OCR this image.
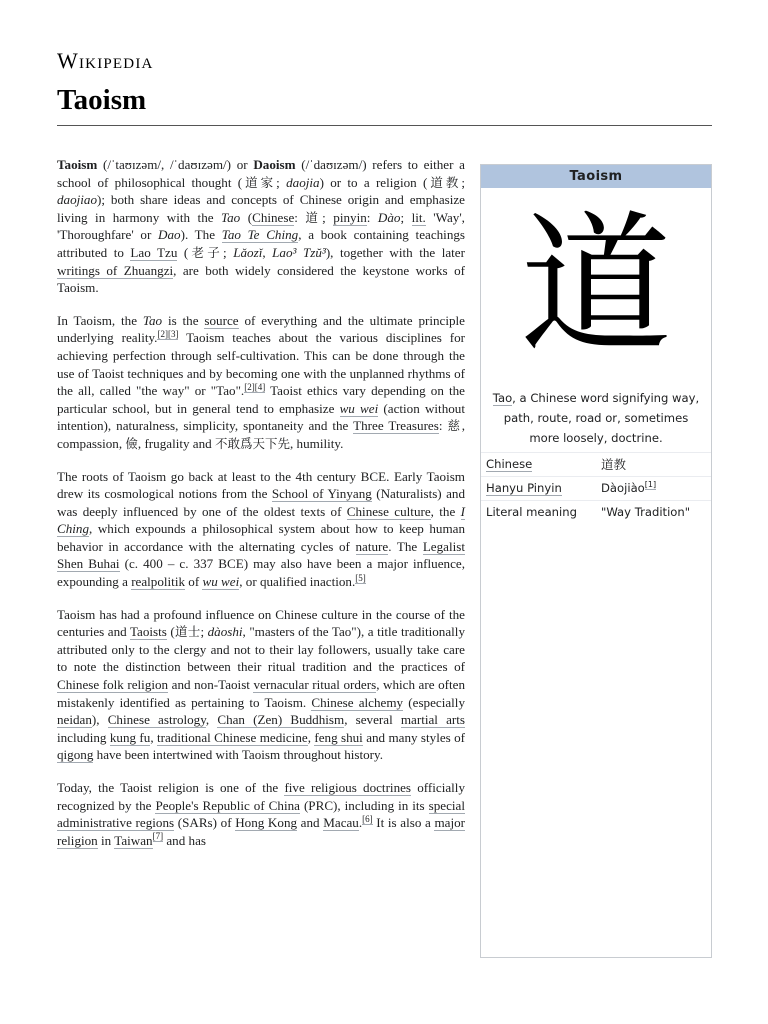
Wikipedia
Taoism

Taoism (/ˈtaʊɪzəm/, /ˈdaʊɪzəm/) or Daoism (/ˈdaʊɪzəm/) refers to either a school of philosophical thought (道家; daojia) or to a religion (道教; daojiao); both share ideas and concepts of Chinese origin and emphasize living in harmony with the Tao (Chinese: 道; pinyin: Dào; lit. 'Way', 'Thoroughfare' or Dao). The Tao Te Ching, a book containing teachings attributed to Lao Tzu (老子; Lǎozǐ, Lao³ Tzŭ³), together with the later writings of Zhuangzi, are both widely considered the keystone works of Taoism.

In Taoism, the Tao is the source of everything and the ultimate principle underlying reality.[2][3] Taoism teaches about the various disciplines for achieving perfection through self-cultivation. This can be done through the use of Taoist techniques and by becoming one with the unplanned rhythms of the all, called "the way" or "Tao".[2][4] Taoist ethics vary depending on the particular school, but in general tend to emphasize wu wei (action without intention), naturalness, simplicity, spontaneity and the Three Treasures: 慈, compassion, 儉, frugality and 不敢爲天下先, humility.

The roots of Taoism go back at least to the 4th century BCE. Early Taoism drew its cosmological notions from the School of Yinyang (Naturalists) and was deeply influenced by one of the oldest texts of Chinese culture, the I Ching, which expounds a philosophical system about how to keep human behavior in accordance with the alternating cycles of nature. The Legalist Shen Buhai (c. 400 – c. 337 BCE) may also have been a major influence, expounding a realpolitik of wu wei, or qualified inaction.[5]

Taoism has had a profound influence on Chinese culture in the course of the centuries and Taoists (道士; dàoshi, "masters of the Tao"), a title traditionally attributed only to the clergy and not to their lay followers, usually take care to note the distinction between their ritual tradition and the practices of Chinese folk religion and non-Taoist vernacular ritual orders, which are often mistakenly identified as pertaining to Taoism. Chinese alchemy (especially neidan), Chinese astrology, Chan (Zen) Buddhism, several martial arts including kung fu, traditional Chinese medicine, feng shui and many styles of qigong have been intertwined with Taoism throughout history.

Today, the Taoist religion is one of the five religious doctrines officially recognized by the People's Republic of China (PRC), including in its special administrative regions (SARs) of Hong Kong and Macau.[6] It is also a major religion in Taiwan[7] and has

Taoism
道
Tao, a Chinese word signifying way, path, route, road or, sometimes more loosely, doctrine.
Chinese	道教
Hanyu Pinyin	Dàojiào[1]
Literal meaning	"Way Tradition"
